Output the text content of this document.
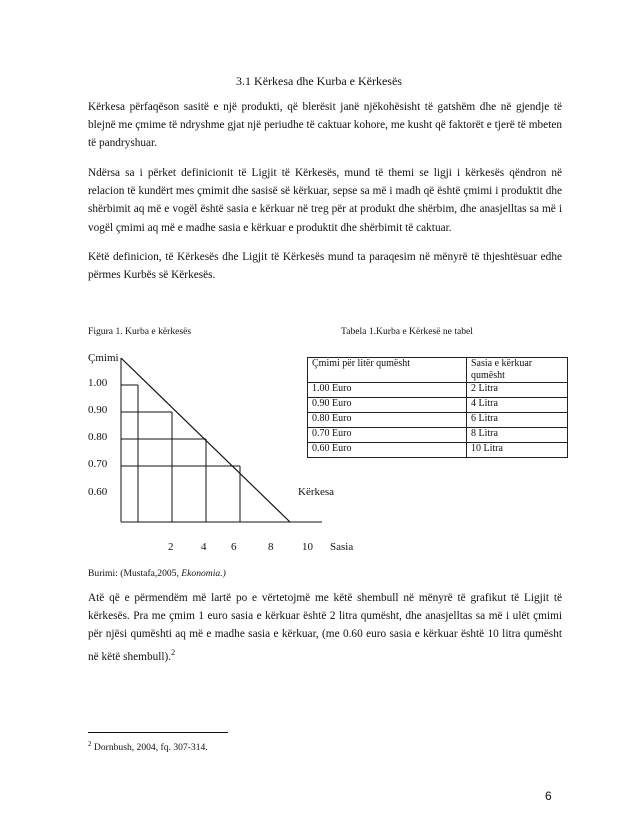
3.1 Kërkesa dhe Kurba e Kërkesës

Kërkesa përfaqëson sasitë e një produkti, që blerësit janë njëkohësisht të gatshëm dhe në gjendje të blejnë me çmime të ndryshme gjat një periudhe të caktuar kohore, me kusht që faktorët e tjerë të mbeten të pandryshuar.

Ndërsa sa i përket definicionit të Ligjit të Kërkesës, mund të themi se ligji i kërkesës qëndron në relacion të kundërt mes çmimit dhe sasisë së kërkuar, sepse sa më i madh që është çmimi i produktit dhe shërbimit aq më e vogël është sasia e kërkuar në treg për at produkt dhe shërbim, dhe anasjelltas sa më i vogël çmimi aq më e madhe sasia e kërkuar e produktit dhe shërbimit të caktuar.

Këtë definicion, të Kërkesës dhe Ligjit të Kërkesës mund ta paraqesim në mënyrë të thjeshtësuar edhe përmes Kurbës së Kërkesës.

Figura 1. Kurba e kërkesës	Tabela 1.Kurba e Kërkesë ne tabel
Çmimi
1.00
0.90
0.80
0.70
0.60
2	4 6	8	10 Sasia
Kërkesa
Çmimi për litër qumësht	Sasia e kërkuar qumësht
1.00 Euro	2 Litra
0.90 Euro	4 Litra
0.80 Euro	6 Litra
0.70 Euro	8 Litra
0.60 Euro	10 Litra
Burimi: (Mustafa,2005, Ekonomia.)

Atë që e përmendëm më lartë po e vërtetojmë me këtë shembull në mënyrë të grafikut të Ligjit të kërkesës. Pra me çmim 1 euro sasia e kërkuar është 2 litra qumësht, dhe anasjelltas sa më i ulët çmimi për njësi qumështi aq më e madhe sasia e kërkuar, (me 0.60 euro sasia e kërkuar është 10 litra qumësht në këtë shembull).$^2$

$^2$ Dornbush, 2004, fq. 307-314.
6
